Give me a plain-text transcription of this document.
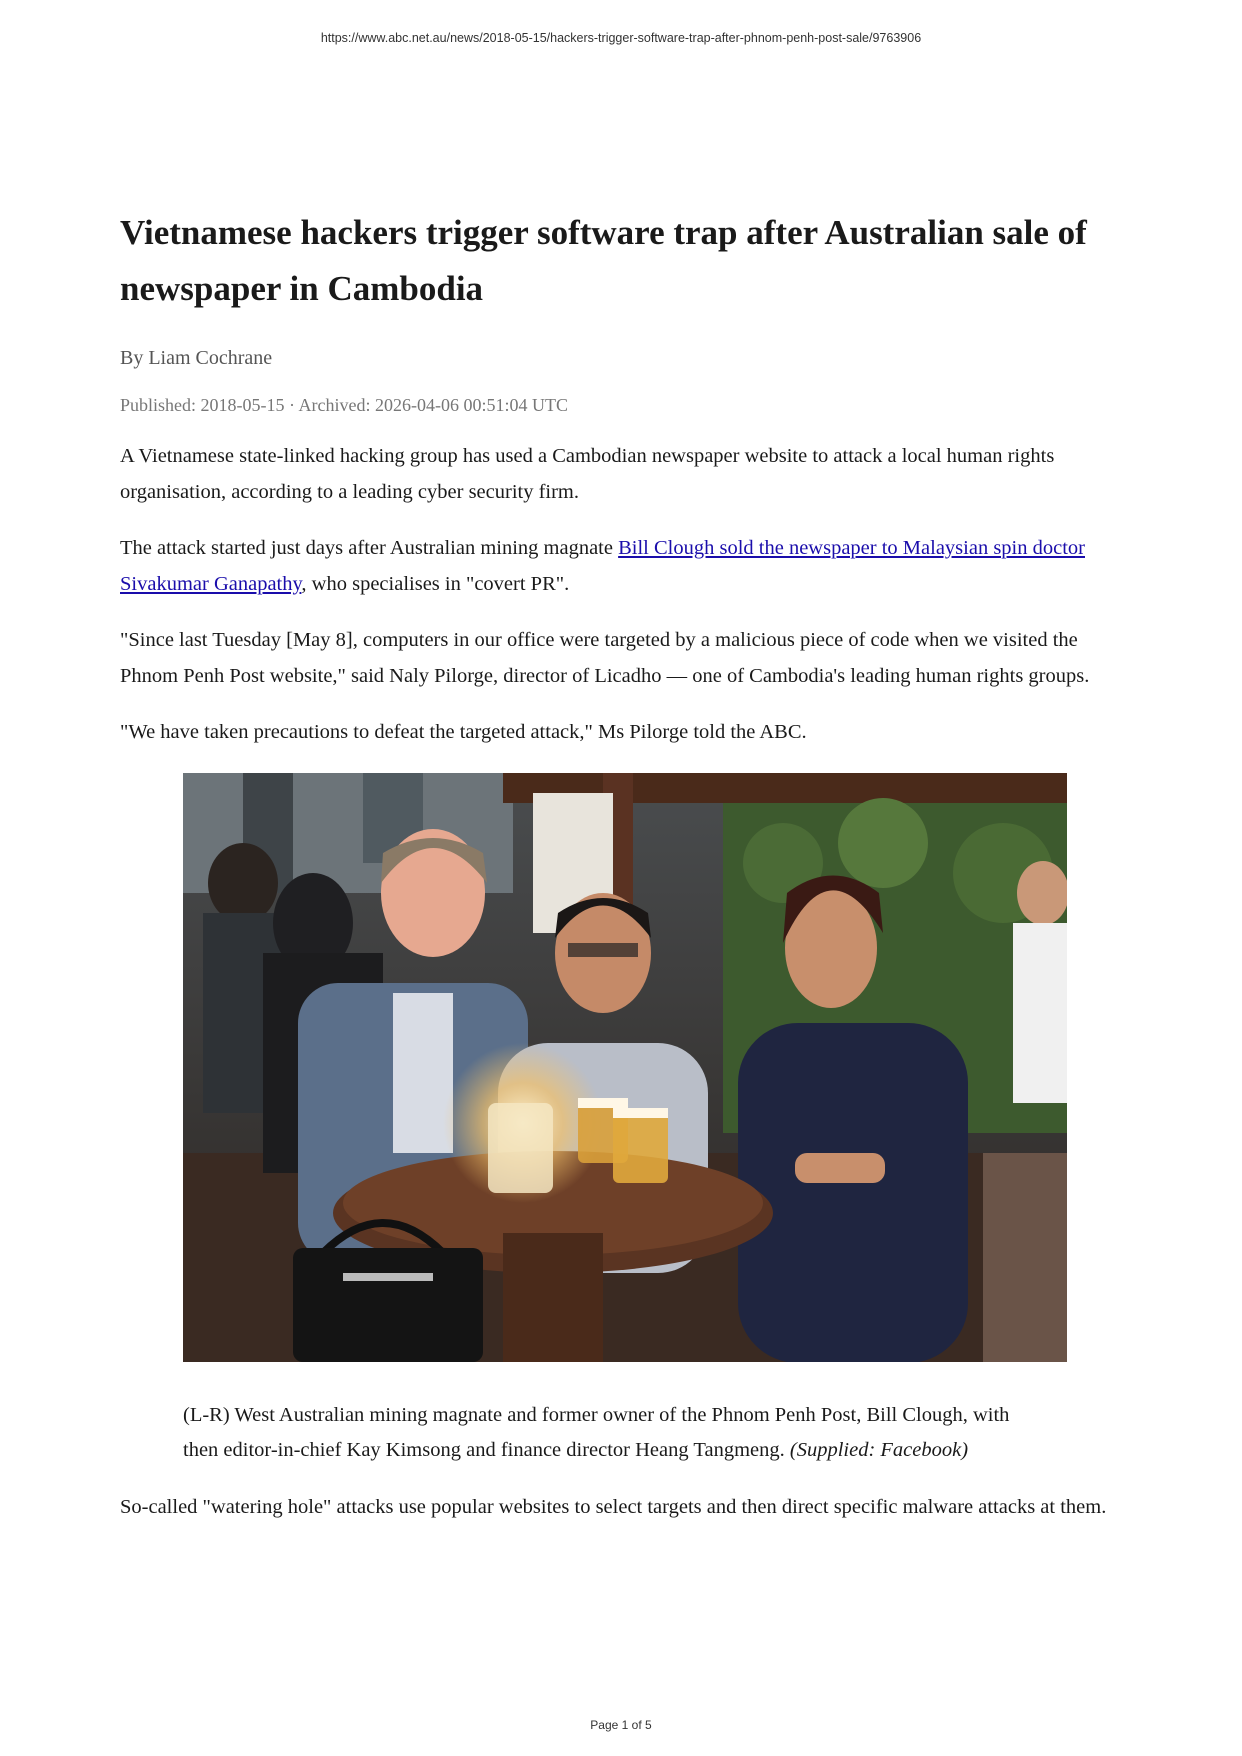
https://www.abc.net.au/news/2018-05-15/hackers-trigger-software-trap-after-phnom-penh-post-sale/9763906
Vietnamese hackers trigger software trap after Australian sale of newspaper in Cambodia
By Liam Cochrane
Published: 2018-05-15 · Archived: 2026-04-06 00:51:04 UTC

A Vietnamese state-linked hacking group has used a Cambodian newspaper website to attack a local human rights organisation, according to a leading cyber security firm.

The attack started just days after Australian mining magnate Bill Clough sold the newspaper to Malaysian spin doctor Sivakumar Ganapathy, who specialises in "covert PR".

"Since last Tuesday [May 8], computers in our office were targeted by a malicious piece of code when we visited the Phnom Penh Post website," said Naly Pilorge, director of Licadho — one of Cambodia's leading human rights groups.

"We have taken precautions to defeat the targeted attack," Ms Pilorge told the ABC.

(L-R) West Australian mining magnate and former owner of the Phnom Penh Post, Bill Clough, with then editor-in-chief Kay Kimsong and finance director Heang Tangmeng. (Supplied: Facebook)

So-called "watering hole" attacks use popular websites to select targets and then direct specific malware attacks at them.

Page 1 of 5
